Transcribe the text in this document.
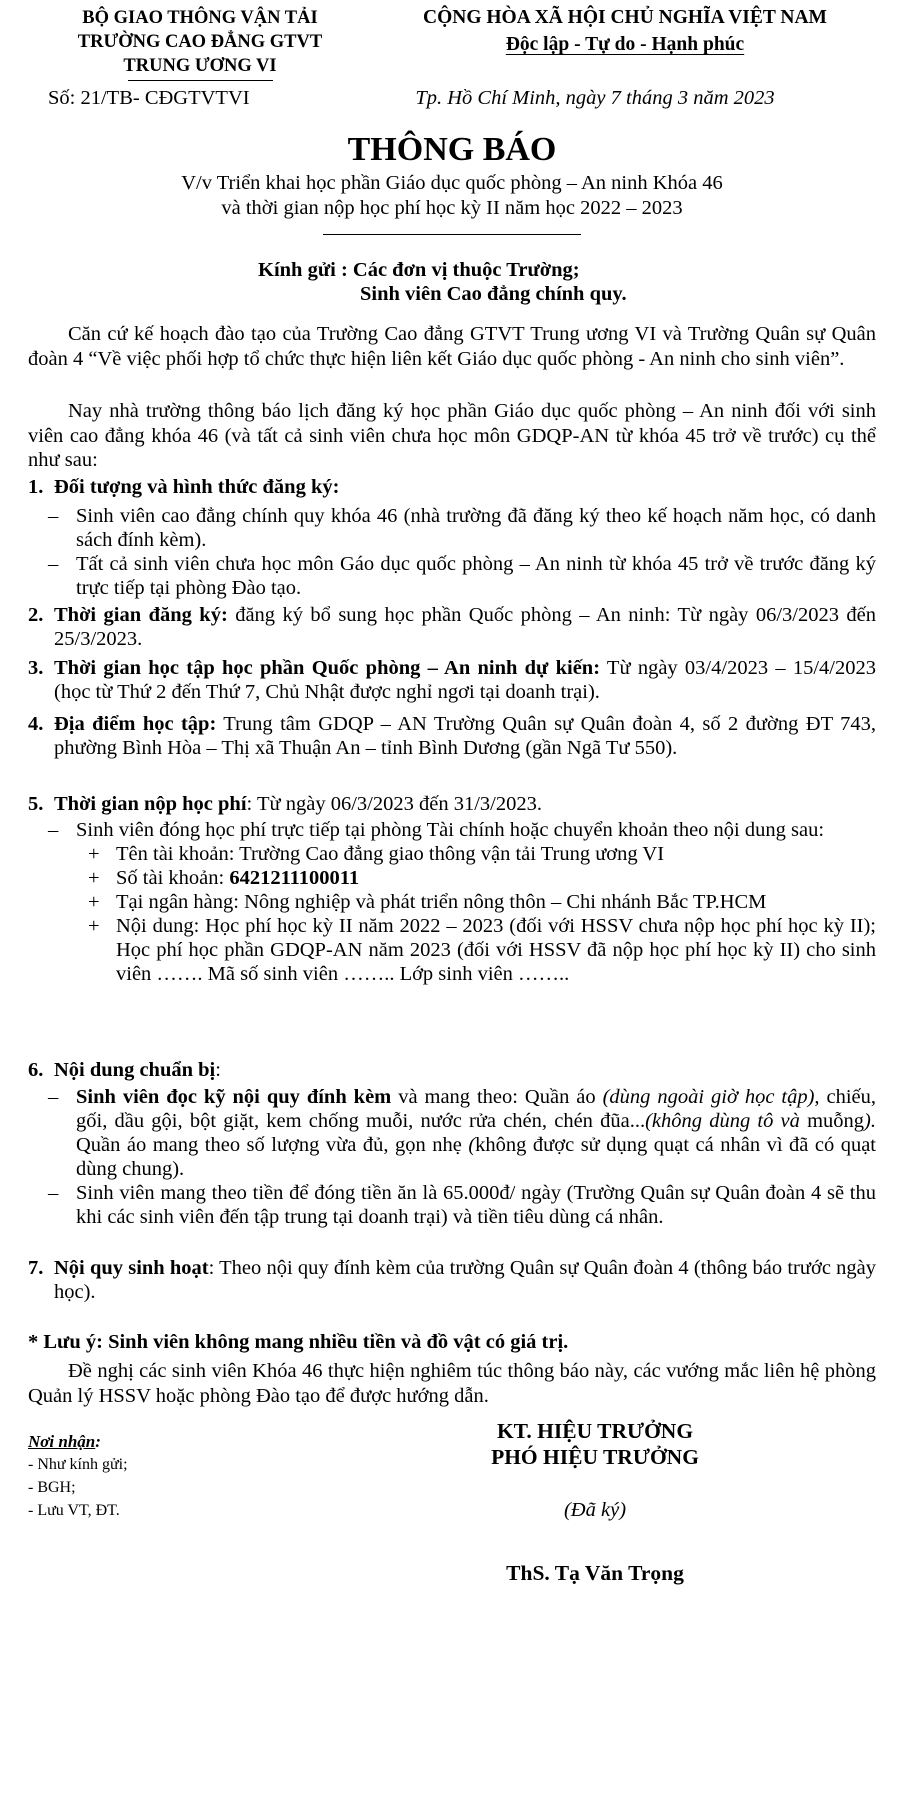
BỘ GIAO THÔNG VẬN TẢI
TRƯỜNG CAO ĐẲNG GTVT
TRUNG ƯƠNG VI
CỘNG HÒA XÃ HỘI CHỦ NGHĨA VIỆT NAM
Độc lập - Tự do - Hạnh phúc
Số: 21/TB- CĐGTVTVI	Tp. Hồ Chí Minh, ngày 7 tháng 3 năm 2023
THÔNG BÁO
V/v Triển khai học phần Giáo dục quốc phòng – An ninh Khóa 46
và thời gian nộp học phí học kỳ II năm học 2022 – 2023
Kính gửi : Các đơn vị thuộc Trường;
Sinh viên Cao đẳng chính quy.
Căn cứ kế hoạch đào tạo của Trường Cao đẳng GTVT Trung ương VI và Trường Quân sự Quân đoàn 4 “Về việc phối hợp tổ chức thực hiện liên kết Giáo dục quốc phòng - An ninh cho sinh viên”.
Nay nhà trường thông báo lịch đăng ký học phần Giáo dục quốc phòng – An ninh đối với sinh viên cao đẳng khóa 46 (và tất cả sinh viên chưa học môn GDQP-AN từ khóa 45 trở về trước) cụ thể như sau:
1. Đối tượng và hình thức đăng ký:
– Sinh viên cao đẳng chính quy khóa 46 (nhà trường đã đăng ký theo kế hoạch năm học, có danh sách đính kèm).
– Tất cả sinh viên chưa học môn Gáo dục quốc phòng – An ninh từ khóa 45 trở về trước đăng ký trực tiếp tại phòng Đào tạo.
2. Thời gian đăng ký: đăng ký bổ sung học phần Quốc phòng – An ninh: Từ ngày 06/3/2023 đến 25/3/2023.
3. Thời gian học tập học phần Quốc phòng – An ninh dự kiến: Từ ngày 03/4/2023 – 15/4/2023 (học từ Thứ 2 đến Thứ 7, Chủ Nhật được nghỉ ngơi tại doanh trại).
4. Địa điểm học tập: Trung tâm GDQP – AN Trường Quân sự Quân đoàn 4, số 2 đường ĐT 743, phường Bình Hòa – Thị xã Thuận An – tỉnh Bình Dương (gần Ngã Tư 550).
5. Thời gian nộp học phí: Từ ngày 06/3/2023 đến 31/3/2023.
– Sinh viên đóng học phí trực tiếp tại phòng Tài chính hoặc chuyển khoản theo nội dung sau:
+ Tên tài khoản: Trường Cao đẳng giao thông vận tải Trung ương VI
+ Số tài khoản: 6421211100011
+ Tại ngân hàng: Nông nghiệp và phát triển nông thôn – Chi nhánh Bắc TP.HCM
+ Nội dung: Học phí học kỳ II năm 2022 – 2023 (đối với HSSV chưa nộp học phí học kỳ II); Học phí học phần GDQP-AN năm 2023 (đối với HSSV đã nộp học phí học kỳ II) cho sinh viên ……. Mã số sinh viên …….. Lớp sinh viên ……..
6. Nội dung chuẩn bị:
– Sinh viên đọc kỹ nội quy đính kèm và mang theo: Quần áo (dùng ngoài giờ học tập), chiếu, gối, dầu gội, bột giặt, kem chống muỗi, nước rửa chén, chén đũa...(không dùng tô và muỗng). Quần áo mang theo số lượng vừa đủ, gọn nhẹ (không được sử dụng quạt cá nhân vì đã có quạt dùng chung).
– Sinh viên mang theo tiền để đóng tiền ăn là 65.000đ/ ngày (Trường Quân sự Quân đoàn 4 sẽ thu khi các sinh viên đến tập trung tại doanh trại) và tiền tiêu dùng cá nhân.
7. Nội quy sinh hoạt: Theo nội quy đính kèm của trường Quân sự Quân đoàn 4 (thông báo trước ngày học).
* Lưu ý: Sinh viên không mang nhiều tiền và đồ vật có giá trị.
Đề nghị các sinh viên Khóa 46 thực hiện nghiêm túc thông báo này, các vướng mắc liên hệ phòng Quản lý HSSV hoặc phòng Đào tạo để được hướng dẫn.
Nơi nhận:
- Như kính gửi;
- BGH;
- Lưu VT, ĐT.
KT. HIỆU TRƯỞNG
PHÓ HIỆU TRƯỞNG
(Đã ký)
ThS. Tạ Văn Trọng
